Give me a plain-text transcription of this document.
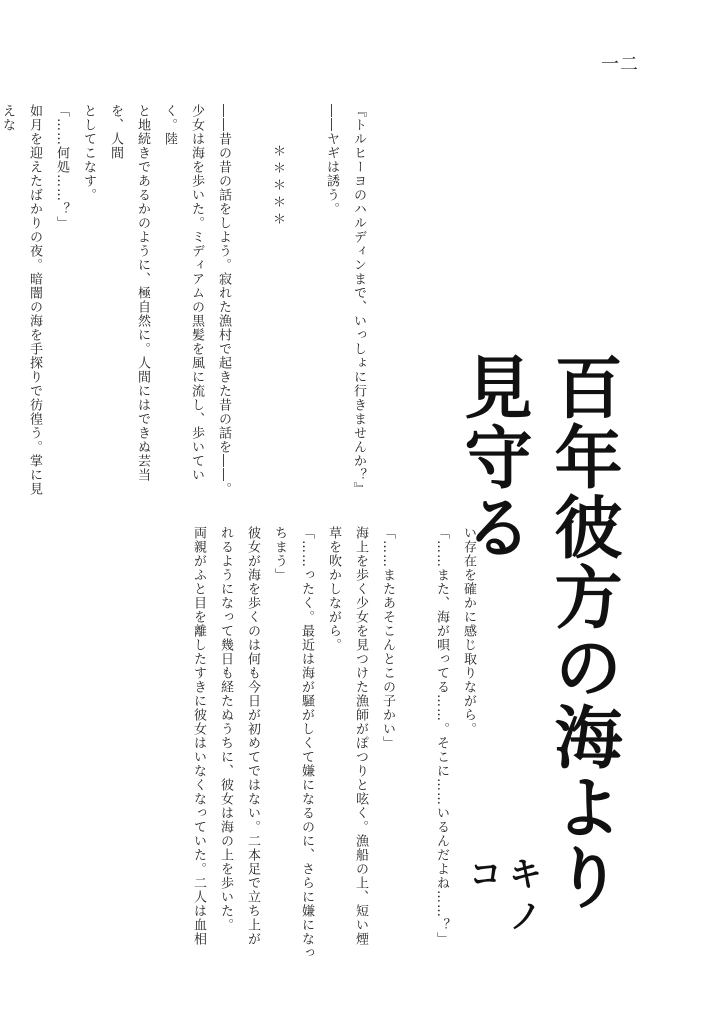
一二
百年彼方の海より見守る
キノコ

『トルヒーヨのハルディンまで、いっしょに行きませんか？』

――ヤギは誘う。

＊＊＊＊＊

――昔の昔の話をしよう。寂れた漁村で起きた昔の話を――。

少女は海を歩いた。ミディアムの黒髪を風に流し、歩いていく。陸

と地続きであるかのように、極自然に。人間にはできぬ芸当を、人間

としてこなす。

「……何処……？」

如月を迎えたばかりの夜。暗闇の海を手探りで彷徨う。掌に見えな

い存在を確かに感じ取りながら。

「……また、海が唄ってる……。そこに……いるんだよね……？」

「……またあそこんとこの子かい」

海上を歩く少女を見つけた漁師がぽつりと呟く。漁船の上、短い煙

草を吹かしながら。

「……ったく。最近は海が騒がしくて嫌になるのに、さらに嫌になっ

ちまう」

彼女が海を歩くのは何も今日が初めてではない。二本足で立ち上が

れるようになって幾日も経たぬうちに、彼女は海の上を歩いた。

両親がふと目を離したすきに彼女はいなくなっていた。二人は血相
